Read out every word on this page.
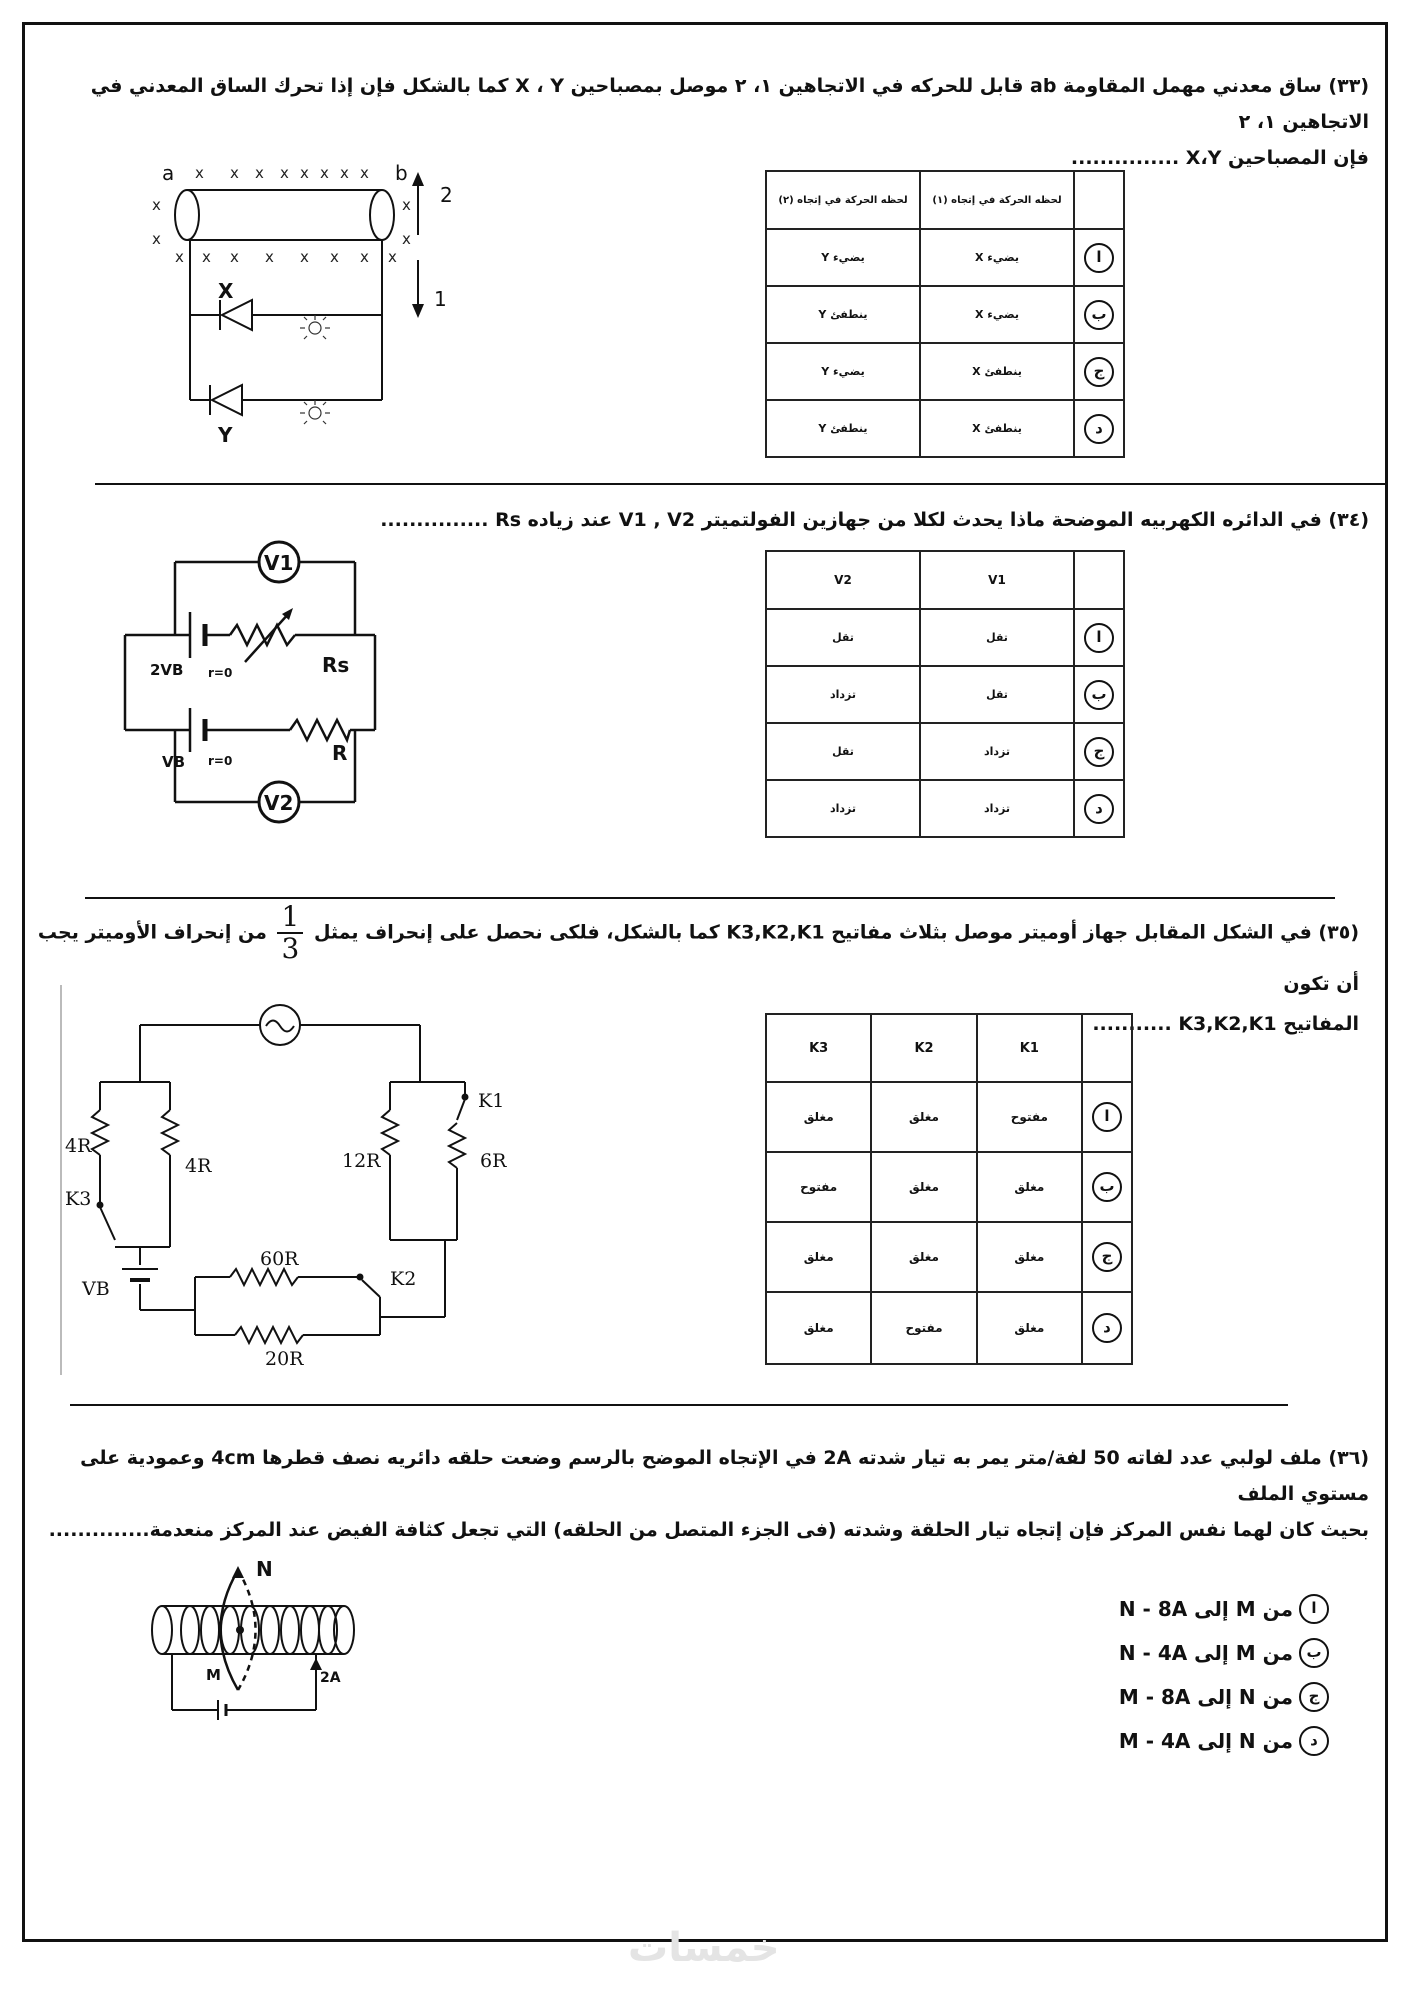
(٣٣) ساق معدني مهمل المقاومة ab قابل للحركه في الاتجاهين ١، ٢ موصل بمصباحين X ، Y كما بالشكل فإن إذا تحرك الساق المعدني في الاتجاهين ١، ٢
فإن المصباحين X،Y ...............
x x x x x x x x
x
x
x
x
x x x x x x x x
a	b
2
1
X
Y
	لحظه الحركة في إتجاه (١)	لحظه الحركة في إتجاه (٢)
ا	يضيء X	يضيء Y
ب	يضيء X	ينطفئ Y
ج	ينطفئ X	يضيء Y
د	ينطفئ X	ينطفئ Y
(٣٤) في الدائره الكهربيه الموضحة ماذا يحدث لكلا من جهازين الفولتميتر V1 , V2 عند زياده Rs ...............
V1
V2
2VB r=0	Rs
VB r=0	R
	V1	V2
ا	تقل	تقل
ب	تقل	تزداد
ج	تزداد	تقل
د	تزداد	تزداد
(٣٥) في الشكل المقابل جهاز أوميتر موصل بثلاث مفاتيح K3,K2,K1 كما بالشكل، فلكى نحصل على إنحراف يمثل
$\frac{1}{3}$
من إنحراف الأوميتر يجب أن تكون
المفاتيح K3,K2,K1 ...........
4R
4R
K3
12R	6R
K1
VB
60R
K2
20R
	K1	K2	K3
ا	مفتوح	مغلق	مغلق
ب	مغلق	مغلق	مفتوح
ج	مغلق	مغلق	مغلق
د	مغلق	مفتوح	مغلق
(٣٦) ملف لولبي عدد لفاته 50 لفة/متر يمر به تيار شدته 2A في الإتجاه الموضح بالرسم وضعت حلقه دائريه نصف قطرها 4cm وعمودية على مستوي الملف
بحيث كان لهما نفس المركز فإن إتجاه تيار الحلقة وشدته (فى الجزء المتصل من الحلقه) التي تجعل كثافة الفيض عند المركز منعدمة..............
N
M	2A
ا
من M إلى N - 8A
ب
من M إلى N - 4A
ج
من N إلى M - 8A
د
من N إلى M - 4A
خمسات
